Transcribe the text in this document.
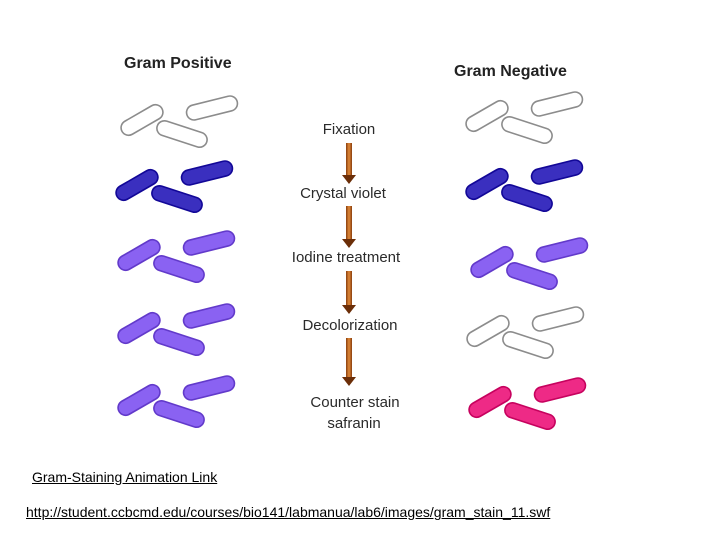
Gram Positive	Gram Negative
Fixation
Crystal violet
Iodine treatment
Decolorization
Counter stain
safranin
Gram-Staining Animation Link
http://student.ccbcmd.edu/courses/bio141/labmanua/lab6/images/gram_stain_11.swf
